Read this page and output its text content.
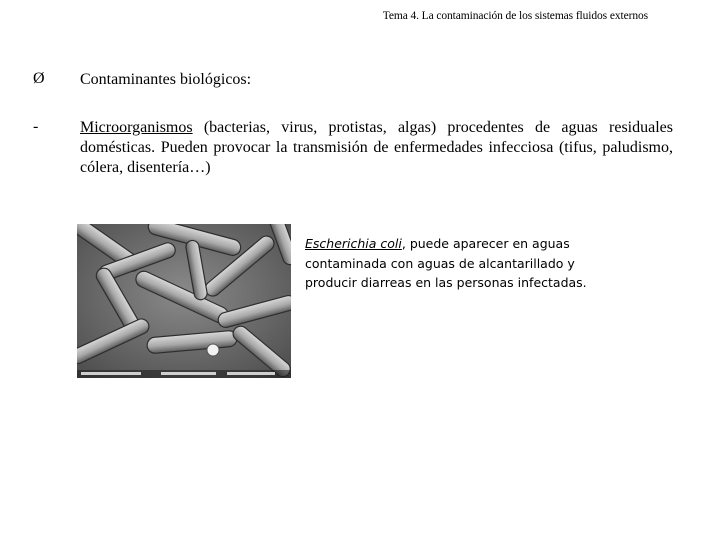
Tema 4. La contaminación de los sistemas fluidos externos
Ø	Contaminantes biológicos:
-	Microorganismos (bacterias, virus, protistas, algas) procedentes de aguas residuales domésticas. Pueden provocar la transmisión de enfermedades infecciosa (tifus, paludismo, cólera, disentería…)
Escherichia coli, puede aparecer en aguas contaminada con aguas de alcantarillado y producir diarreas en las personas infectadas.
